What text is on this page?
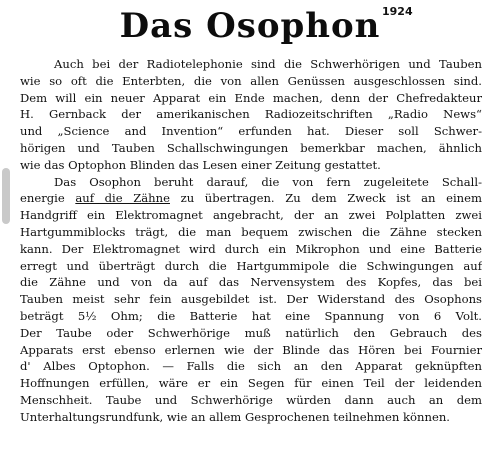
Das Osophon 1924
Auch bei der Radiotelephonie sind die Schwerhörigen und Tauben
wie so oft die Enterbten, die von allen Genüssen ausgeschlossen sind.
Dem will ein neuer Apparat ein Ende machen, denn der Chefredakteur
H. Gernback der amerikanischen Radiozeitschriften „Radio News“
und „Science and Invention“ erfunden hat. Dieser soll Schwer-
hörigen und Tauben Schallschwingungen bemerkbar machen, ähnlich
wie das Optophon Blinden das Lesen einer Zeitung gestattet.
Das Osophon beruht darauf, die von fern zugeleitete Schall-
energie auf die Zähne zu übertragen. Zu dem Zweck ist an einem
Handgriff ein Elektromagnet angebracht, der an zwei Polplatten zwei
Hartgummiblocks trägt, die man bequem zwischen die Zähne stecken
kann. Der Elektromagnet wird durch ein Mikrophon und eine Batterie
erregt und überträgt durch die Hartgummipole die Schwingungen auf
die Zähne und von da auf das Nervensystem des Kopfes, das bei
Tauben meist sehr fein ausgebildet ist. Der Widerstand des Osophons
beträgt 5½ Ohm; die Batterie hat eine Spannung von 6 Volt.
Der Taube oder Schwerhörige muß natürlich den Gebrauch des
Apparats erst ebenso erlernen wie der Blinde das Hören bei Fournier
d' Albes Optophon. — Falls die sich an den Apparat geknüpften
Hoffnungen erfüllen, wäre er ein Segen für einen Teil der leidenden
Menschheit. Taube und Schwerhörige würden dann auch an dem
Unterhaltungsrundfunk, wie an allem Gesprochenen teilnehmen können.
